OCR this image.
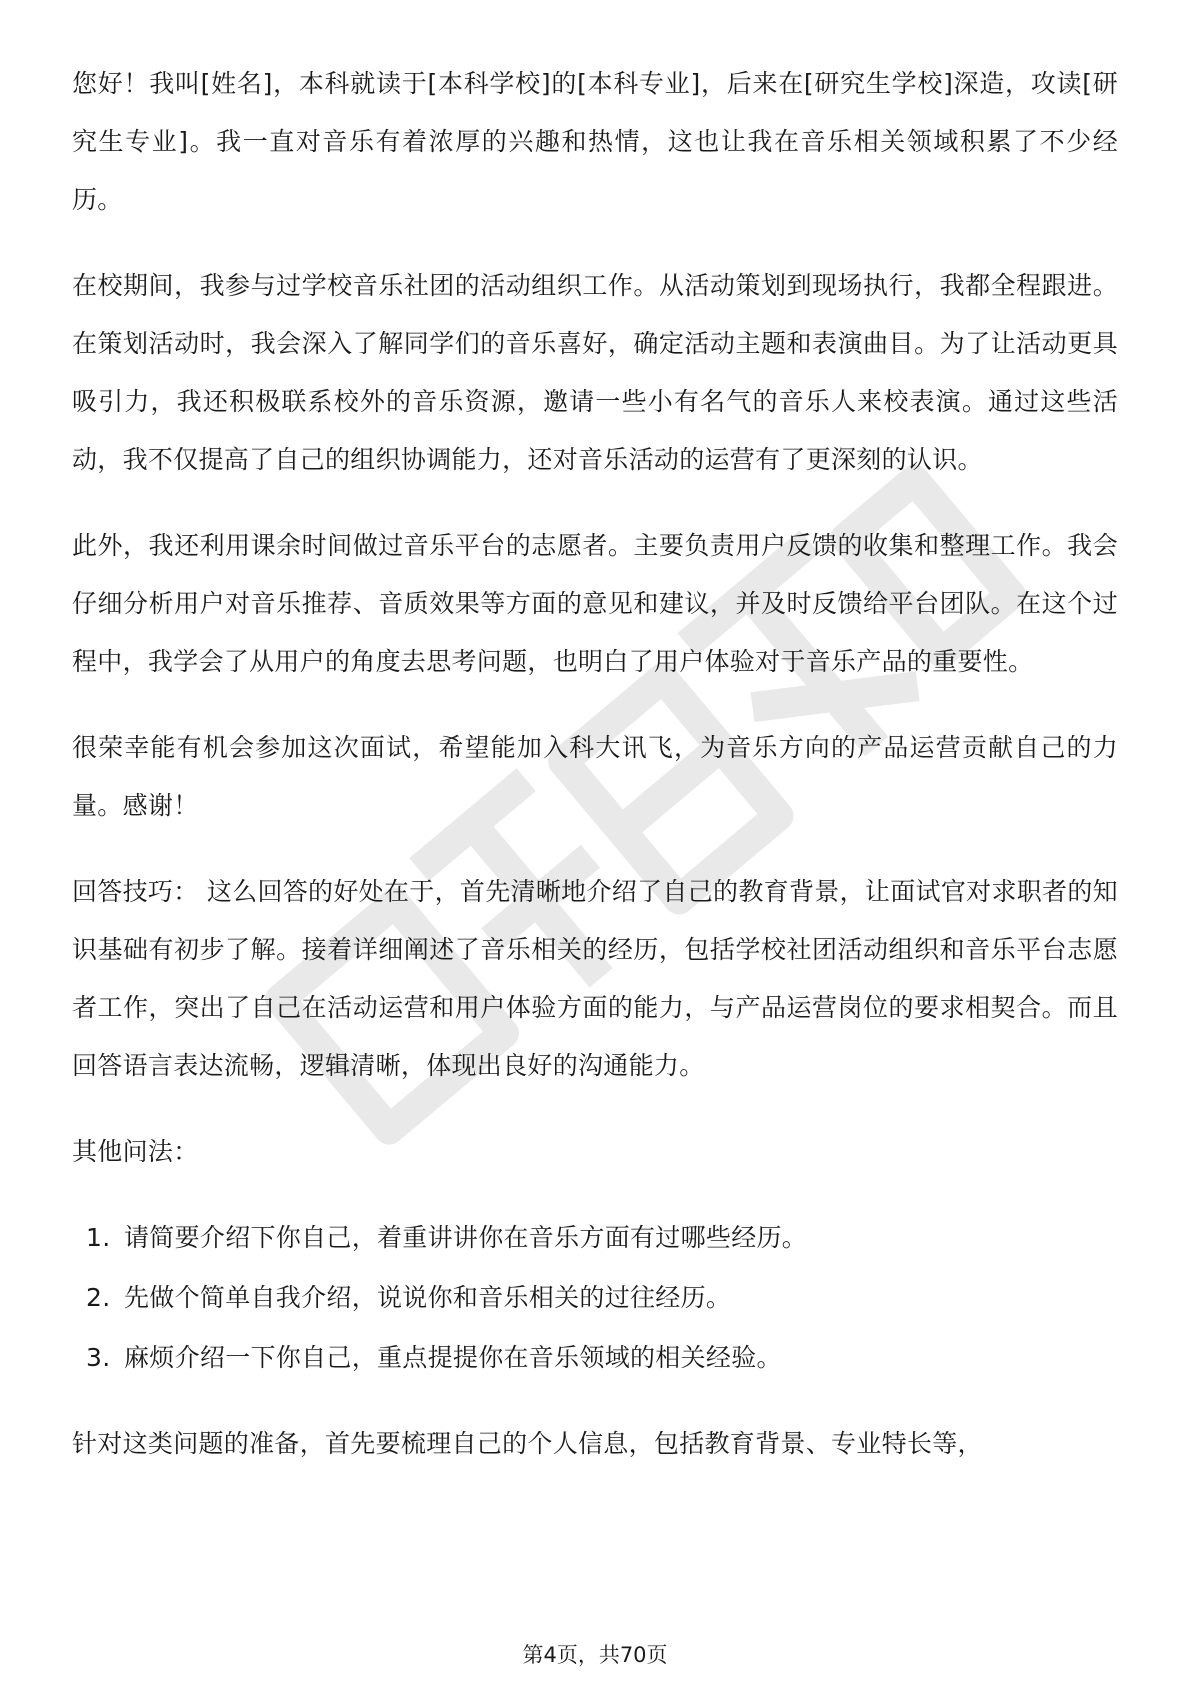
您好！我叫[姓名]，本科就读于[本科学校]的[本科专业]，后来在[研究生学校]深造，攻读[研究生专业]。我一直对音乐有着浓厚的兴趣和热情，这也让我在音乐相关领域积累了不少经历。

在校期间，我参与过学校音乐社团的活动组织工作。从活动策划到现场执行，我都全程跟进。在策划活动时，我会深入了解同学们的音乐喜好，确定活动主题和表演曲目。为了让活动更具吸引力，我还积极联系校外的音乐资源，邀请一些小有名气的音乐人来校表演。通过这些活动，我不仅提高了自己的组织协调能力，还对音乐活动的运营有了更深刻的认识。

此外，我还利用课余时间做过音乐平台的志愿者。主要负责用户反馈的收集和整理工作。我会仔细分析用户对音乐推荐、音质效果等方面的意见和建议，并及时反馈给平台团队。在这个过程中，我学会了从用户的角度去思考问题，也明白了用户体验对于音乐产品的重要性。

很荣幸能有机会参加这次面试，希望能加入科大讯飞，为音乐方向的产品运营贡献自己的力量。感谢！

回答技巧： 这么回答的好处在于，首先清晰地介绍了自己的教育背景，让面试官对求职者的知识基础有初步了解。接着详细阐述了音乐相关的经历，包括学校社团活动组织和音乐平台志愿者工作，突出了自己在活动运营和用户体验方面的能力，与产品运营岗位的要求相契合。而且回答语言表达流畅，逻辑清晰，体现出良好的沟通能力。

其他问法：

1. 请简要介绍下你自己，着重讲讲你在音乐方面有过哪些经历。
2. 先做个简单自我介绍，说说你和音乐相关的过往经历。
3. 麻烦介绍一下你自己，重点提提你在音乐领域的相关经验。

针对这类问题的准备，首先要梳理自己的个人信息，包括教育背景、专业特长等，

第4页，共70页
